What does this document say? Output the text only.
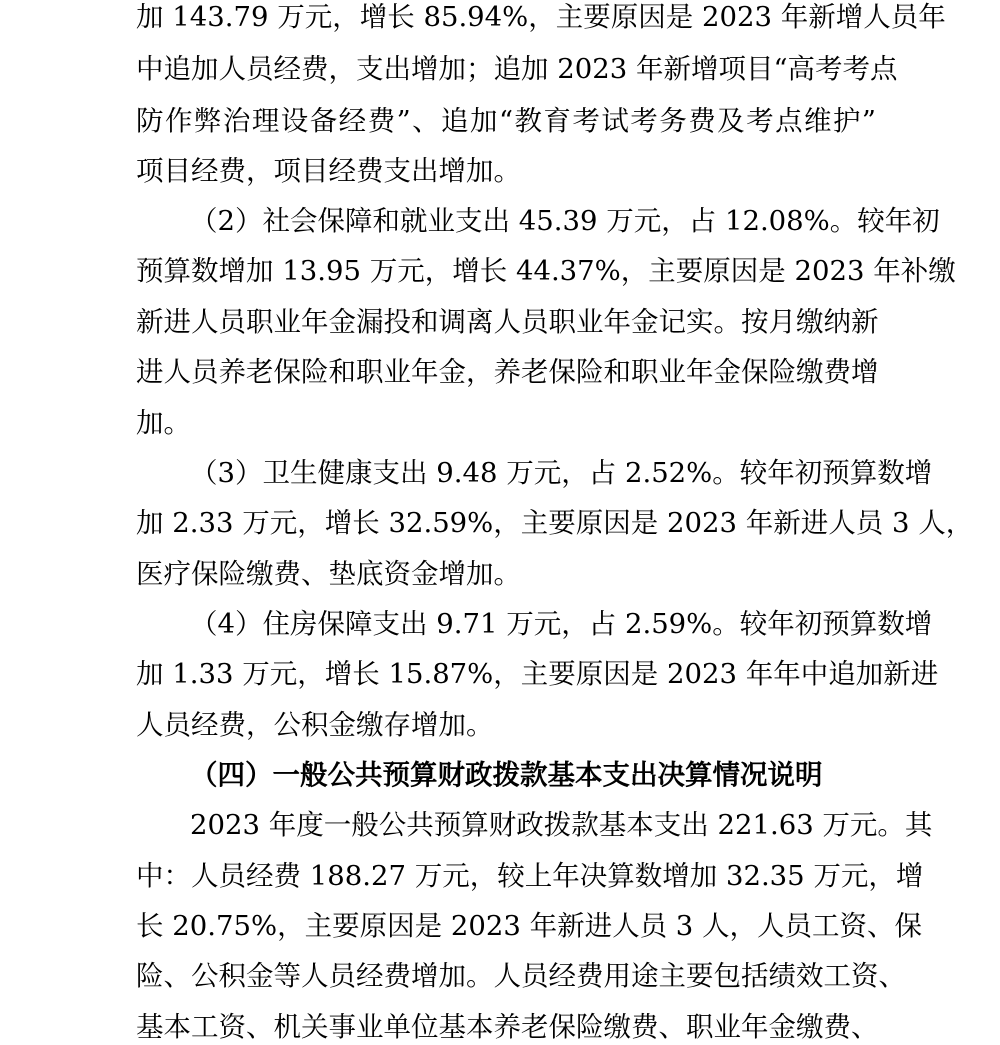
加 143.79 万元，增长 85.94%，主要原因是 2023 年新增人员年
中追加人员经费，支出增加；追加 2023 年新增项目“高考考点
防作弊治理设备经费”、追加“教育考试考务费及考点维护”
项目经费，项目经费支出增加。
（2）社会保障和就业支出 45.39 万元，占 12.08%。较年初
预算数增加 13.95 万元，增长 44.37%，主要原因是 2023 年补缴
新进人员职业年金漏投和调离人员职业年金记实。按月缴纳新
进人员养老保险和职业年金，养老保险和职业年金保险缴费增
加。
（3）卫生健康支出 9.48 万元，占 2.52%。较年初预算数增
加 2.33 万元，增长 32.59%，主要原因是 2023 年新进人员 3 人，
医疗保险缴费、垫底资金增加。
（4）住房保障支出 9.71 万元，占 2.59%。较年初预算数增
加 1.33 万元，增长 15.87%，主要原因是 2023 年年中追加新进
人员经费，公积金缴存增加。
（四）一般公共预算财政拨款基本支出决算情况说明
2023 年度一般公共预算财政拨款基本支出 221.63 万元。其
中：人员经费 188.27 万元，较上年决算数增加 32.35 万元，增
长 20.75%，主要原因是 2023 年新进人员 3 人，人员工资、保
险、公积金等人员经费增加。人员经费用途主要包括绩效工资、
基本工资、机关事业单位基本养老保险缴费、职业年金缴费、
